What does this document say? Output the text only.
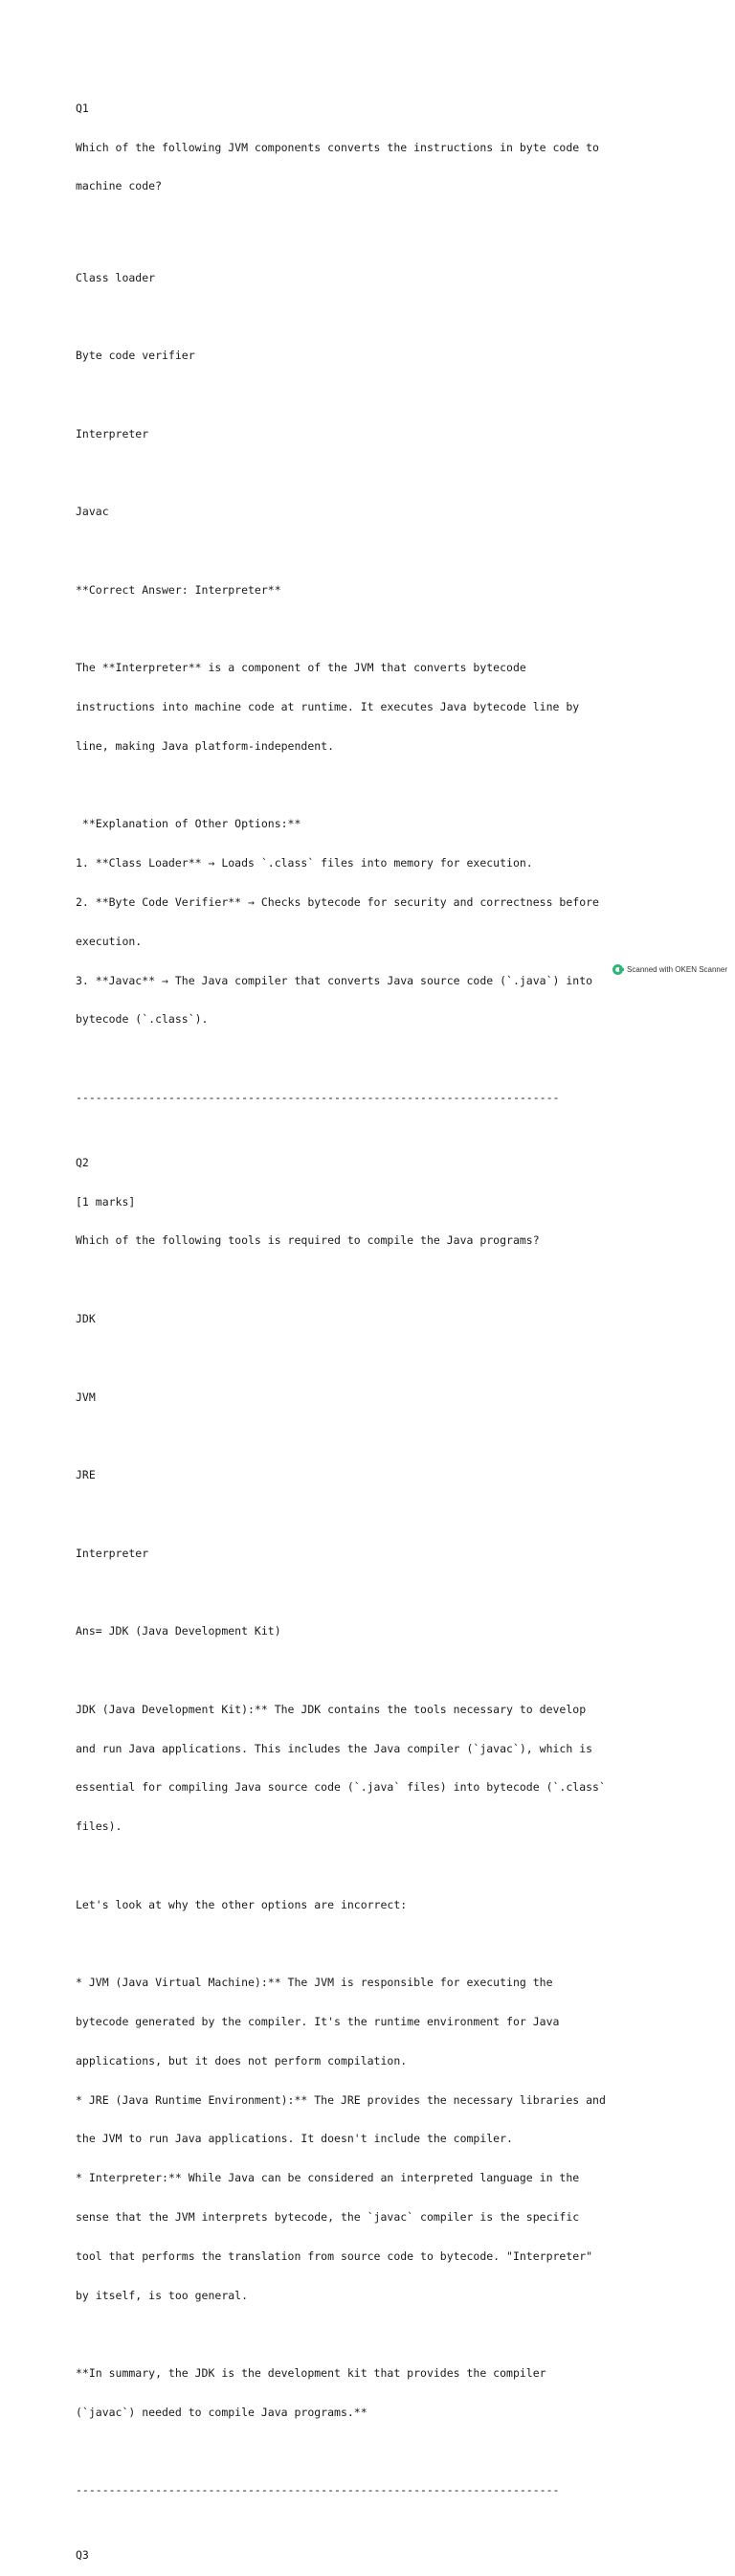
Q1

Which of the following JVM components converts the instructions in byte code to

machine code?

Class loader

Byte code verifier

Interpreter

Javac

**Correct Answer: Interpreter**

The **Interpreter** is a component of the JVM that converts bytecode

instructions into machine code at runtime. It executes Java bytecode line by

line, making Java platform-independent.

**Explanation of Other Options:**

1. **Class Loader** → Loads `.class` files into memory for execution.

2. **Byte Code Verifier** → Checks bytecode for security and correctness before

execution.

3. **Javac** → The Java compiler that converts Java source code (`.java`) into

bytecode (`.class`).

-------------------------------------------------------------------------

Q2

[1 marks]

Which of the following tools is required to compile the Java programs?

JDK

JVM

JRE

Interpreter

Ans= JDK (Java Development Kit)

JDK (Java Development Kit):** The JDK contains the tools necessary to develop

and run Java applications. This includes the Java compiler (`javac`), which is

essential for compiling Java source code (`.java` files) into bytecode (`.class`

files).

Let's look at why the other options are incorrect:

* JVM (Java Virtual Machine):** The JVM is responsible for executing the

bytecode generated by the compiler. It's the runtime environment for Java

applications, but it does not perform compilation.

* JRE (Java Runtime Environment):** The JRE provides the necessary libraries and

the JVM to run Java applications. It doesn't include the compiler.

* Interpreter:** While Java can be considered an interpreted language in the

sense that the JVM interprets bytecode, the `javac` compiler is the specific

tool that performs the translation from source code to bytecode. "Interpreter"

by itself, is too general.

**In summary, the JDK is the development kit that provides the compiler

(`javac`) needed to compile Java programs.**

-------------------------------------------------------------------------

Q3

Scanned with OKEN Scanner
